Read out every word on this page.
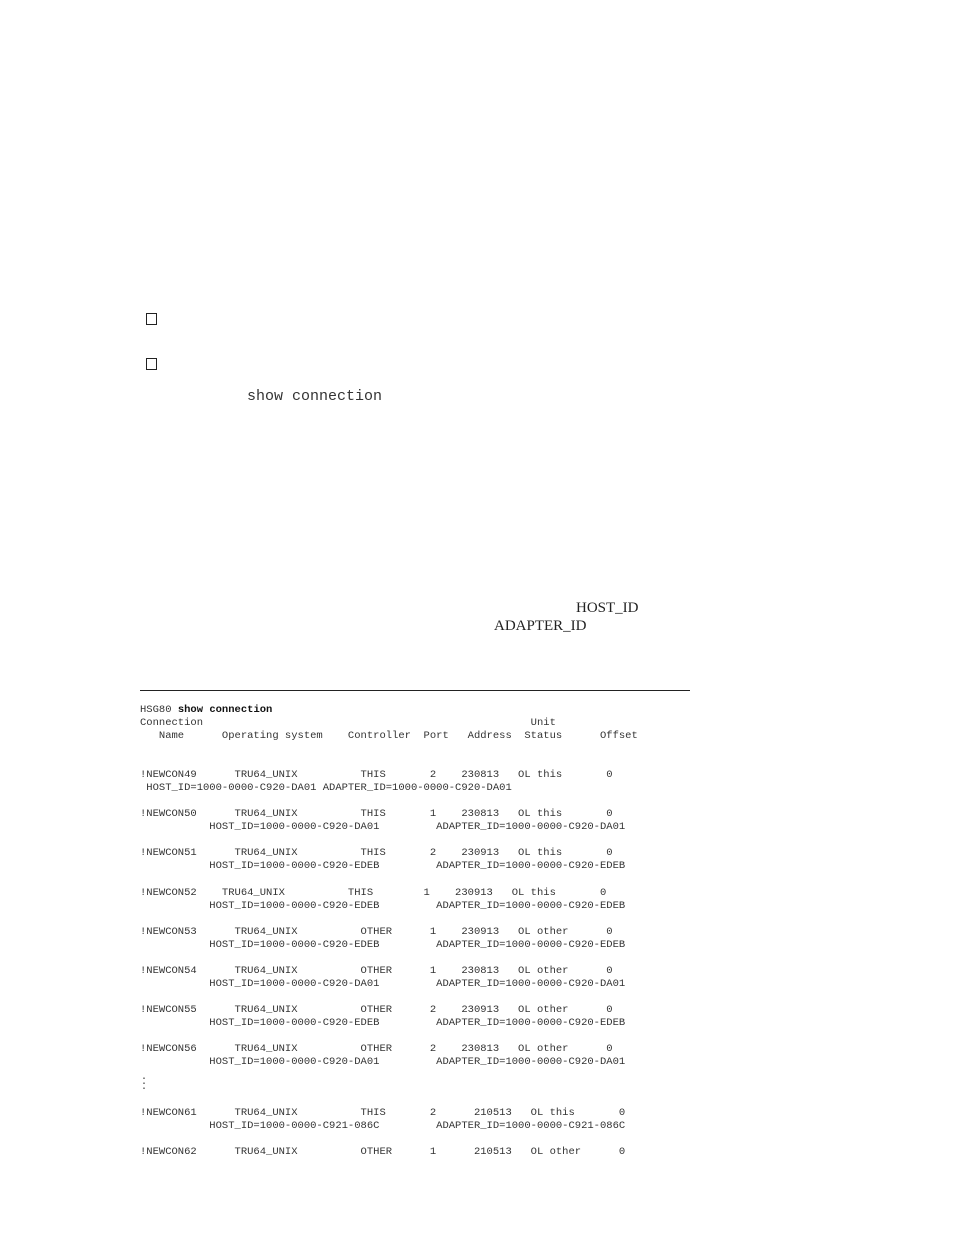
show connection
HOST_ID
ADAPTER_ID
HSG80 show connection
Connection                                                    Unit
Name      Operating system    Controller  Port   Address  Status      Offset
!NEWCON49      TRU64_UNIX          THIS       2    230813   OL this       0
HOST_ID=1000-0000-C920-DA01 ADAPTER_ID=1000-0000-C920-DA01
!NEWCON50      TRU64_UNIX          THIS       1    230813   OL this       0
HOST_ID=1000-0000-C920-DA01         ADAPTER_ID=1000-0000-C920-DA01
!NEWCON51      TRU64_UNIX          THIS       2    230913   OL this       0
HOST_ID=1000-0000-C920-EDEB         ADAPTER_ID=1000-0000-C920-EDEB
!NEWCON52    TRU64_UNIX          THIS        1    230913   OL this       0
HOST_ID=1000-0000-C920-EDEB         ADAPTER_ID=1000-0000-C920-EDEB
!NEWCON53      TRU64_UNIX          OTHER      1    230913   OL other      0
HOST_ID=1000-0000-C920-EDEB         ADAPTER_ID=1000-0000-C920-EDEB
!NEWCON54      TRU64_UNIX          OTHER      1    230813   OL other      0
HOST_ID=1000-0000-C920-DA01         ADAPTER_ID=1000-0000-C920-DA01
!NEWCON55      TRU64_UNIX          OTHER      2    230913   OL other      0
HOST_ID=1000-0000-C920-EDEB         ADAPTER_ID=1000-0000-C920-EDEB
!NEWCON56      TRU64_UNIX          OTHER      2    230813   OL other      0
HOST_ID=1000-0000-C920-DA01         ADAPTER_ID=1000-0000-C920-DA01
.
.
.
!NEWCON61      TRU64_UNIX          THIS       2      210513   OL this       0
HOST_ID=1000-0000-C921-086C         ADAPTER_ID=1000-0000-C921-086C
!NEWCON62      TRU64_UNIX          OTHER      1      210513   OL other      0
